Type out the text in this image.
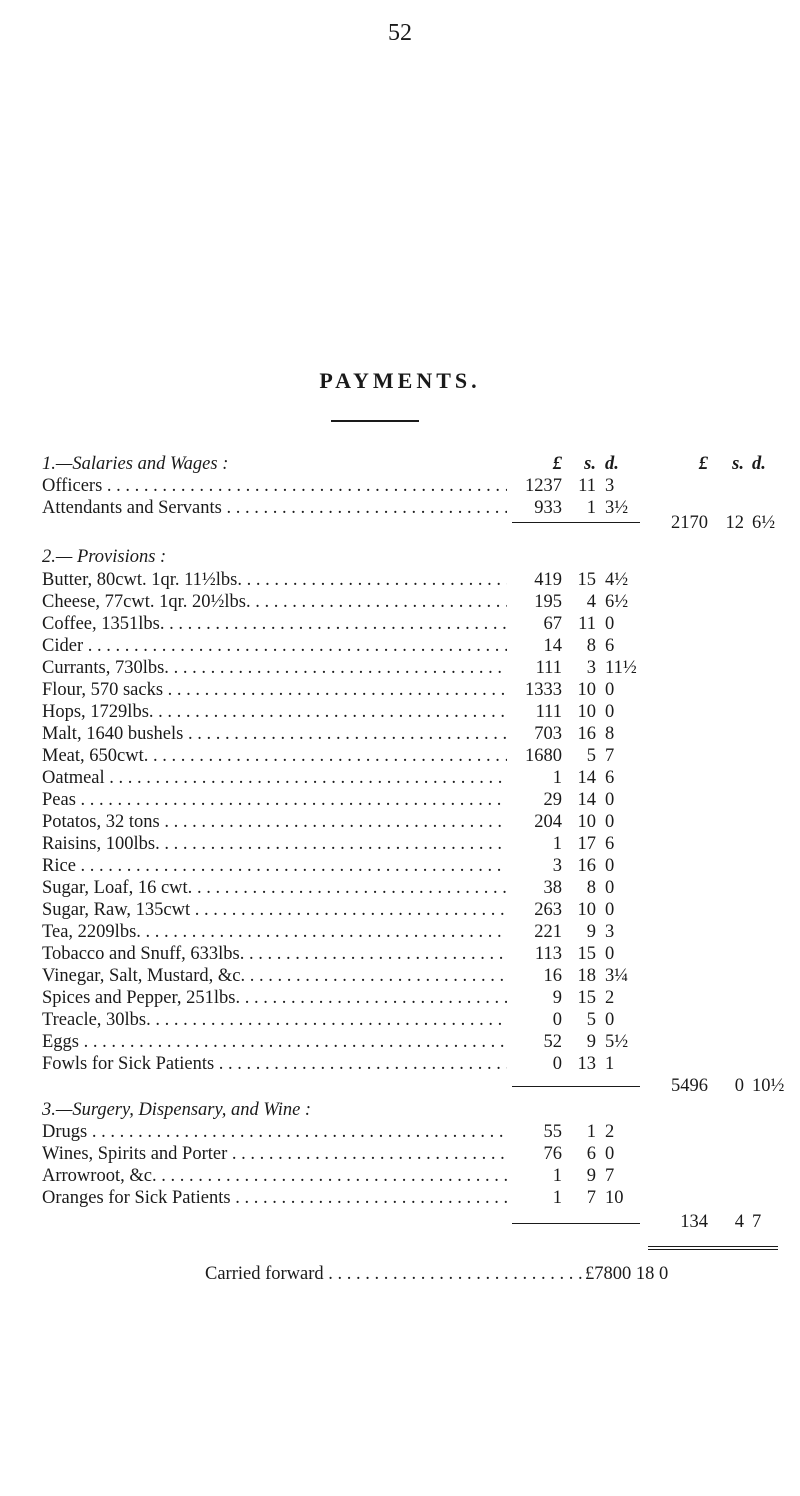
52
PAYMENTS.
1.—Salaries and Wages :	£	s. d.	£	s. d.
Officers . . .	1237 11 3
Attendants and Servants . . .	933	1 3½
2170 12 6½
2.— Provisions :
Butter, 80cwt. 1qr. 11½lbs. . . .	419 15 4½
Cheese, 77cwt. 1qr. 20½lbs. . . .	195	4 6½
Coffee, 1351lbs. . . .	67 11 0
Cider . . .	14	8 6
Currants, 730lbs. . . .	111	3 11½
Flour, 570 sacks . . .	1333 10 0
Hops, 1729lbs. . . .	111 10 0
Malt, 1640 bushels . . .	703 16 8
Meat, 650cwt. . . .	1680	5 7
Oatmeal . . .	1 14 6
Peas . . .	29 14 0
Potatos, 32 tons . . .	204 10 0
Raisins, 100lbs. . . .	1 17 6
Rice . . .	3 16 0
Sugar, Loaf, 16 cwt. . . .	38	8 0
Sugar, Raw, 135cwt . . .	263 10 0
Tea, 2209lbs. . . .	221	9 3
Tobacco and Snuff, 633lbs. . . .	113 15 0
Vinegar, Salt, Mustard, &c. . . .	16 18 3¼
Spices and Pepper, 251lbs. . . .	9 15 2
Treacle, 30lbs. . . .	0	5 0
Eggs . . .	52	9 5½
Fowls for Sick Patients . . .	0 13 1
5496	0 10½
3.—Surgery, Dispensary, and Wine :
Drugs . . .	55	1 2
Wines, Spirits and Porter . . .	76	6 0
Arrowroot, &c. . . .	1	9 7
Oranges for Sick Patients . . .	1	7 10
134	4 7
Carried forward . . .	£7800 18 0
